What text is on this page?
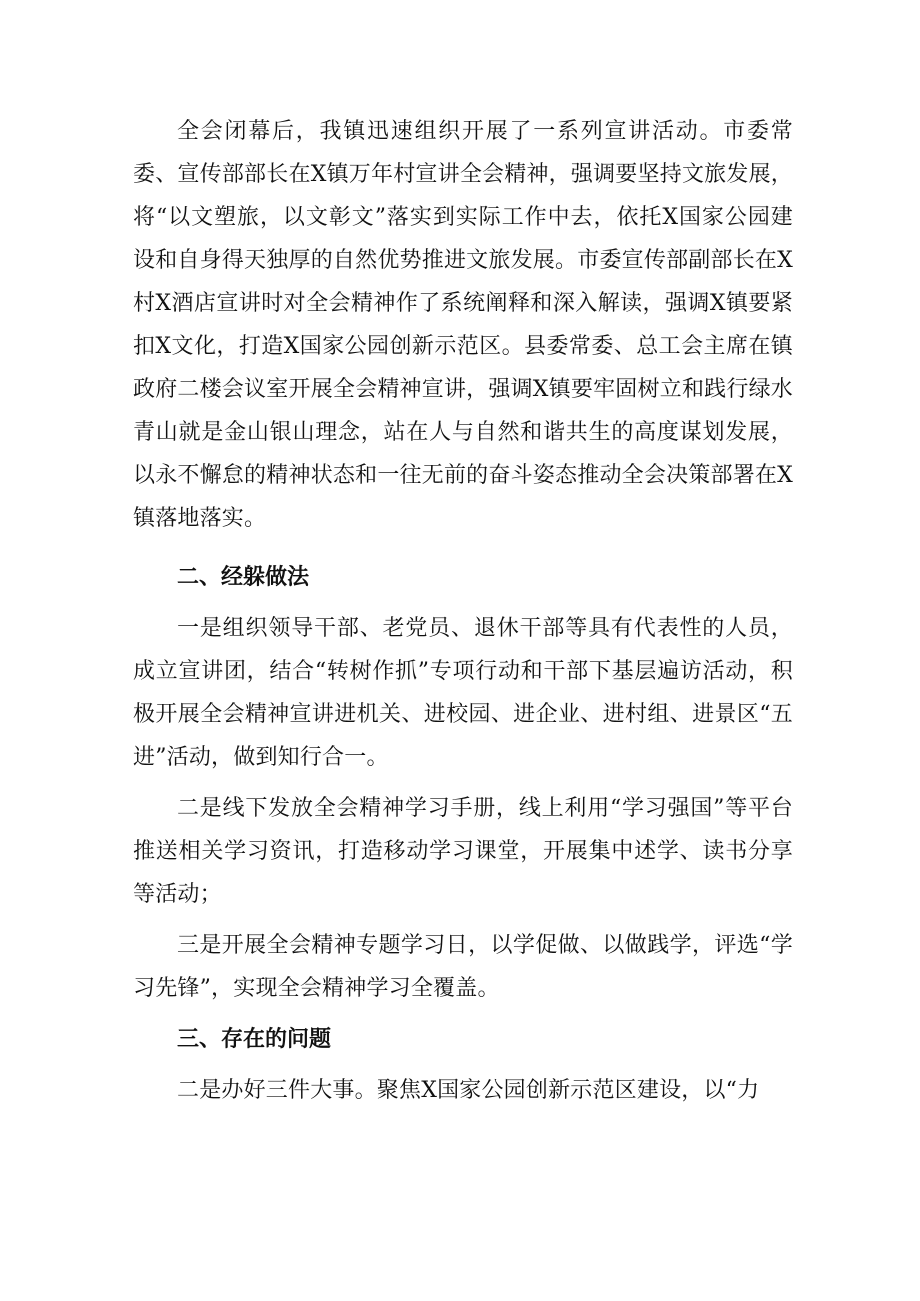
全会闭幕后，我镇迅速组织开展了一系列宣讲活动。市委常委、宣传部部长在X镇万年村宣讲全会精神，强调要坚持文旅发展，将“以文塑旅，以文彰文”落实到实际工作中去，依托X国家公园建设和自身得天独厚的自然优势推进文旅发展。市委宣传部副部长在X村X酒店宣讲时对全会精神作了系统阐释和深入解读，强调X镇要紧扣X文化，打造X国家公园创新示范区。县委常委、总工会主席在镇政府二楼会议室开展全会精神宣讲，强调X镇要牢固树立和践行绿水青山就是金山银山理念，站在人与自然和谐共生的高度谋划发展，以永不懈怠的精神状态和一往无前的奋斗姿态推动全会决策部署在X镇落地落实。

二、经躲做法

一是组织领导干部、老党员、退休干部等具有代表性的人员，成立宣讲团，结合“转树作抓”专项行动和干部下基层遍访活动，积极开展全会精神宣讲进机关、进校园、进企业、进村组、进景区“五进”活动，做到知行合一。

二是线下发放全会精神学习手册，线上利用“学习强国”等平台推送相关学习资讯，打造移动学习课堂，开展集中述学、读书分享等活动；

三是开展全会精神专题学习日，以学促做、以做践学，评选“学习先锋”，实现全会精神学习全覆盖。

三、存在的问题

二是办好三件大事。聚焦X国家公园创新示范区建设，以“力
